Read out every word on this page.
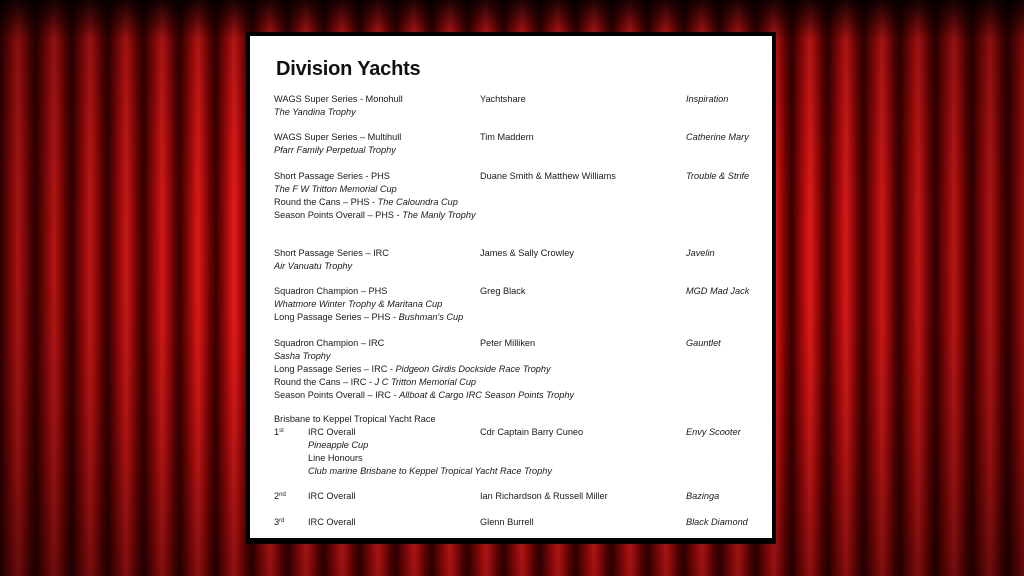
Division Yachts
WAGS Super Series - Monohull
The Yandina Trophy
Yachtshare	Inspiration
WAGS Super Series – Multihull
Pfarr Family Perpetual Trophy
Tim Maddern	Catherine Mary
Short Passage Series - PHS
The F W Tritton Memorial Cup
Round the Cans – PHS - The Caloundra Cup
Season Points Overall – PHS - The Manly Trophy
Duane Smith & Matthew Williams	Trouble & Strife
Short Passage Series – IRC
Air Vanuatu Trophy
James & Sally Crowley	Javelin
Squadron Champion – PHS
Whatmore Winter Trophy & Maritana Cup
Long Passage Series – PHS - Bushman's Cup
Greg Black	MGD Mad Jack
Squadron Champion – IRC
Sasha Trophy
Long Passage Series – IRC - Pidgeon Girdis Dockside Race Trophy
Round the Cans – IRC - J C Tritton Memorial Cup
Season Points Overall – IRC - Allboat & Cargo IRC Season Points Trophy
Peter Milliken	Gauntlet
Brisbane to Keppel Tropical Yacht Race
1st	IRC Overall
Pineapple Cup
Line Honours
Club marine Brisbane to Keppel Tropical Yacht Race Trophy
Cdr Captain Barry Cuneo	Envy Scooter
2nd IRC Overall	Ian Richardson & Russell Miller	Bazinga
3rd	IRC Overall	Glenn Burrell	Black Diamond
